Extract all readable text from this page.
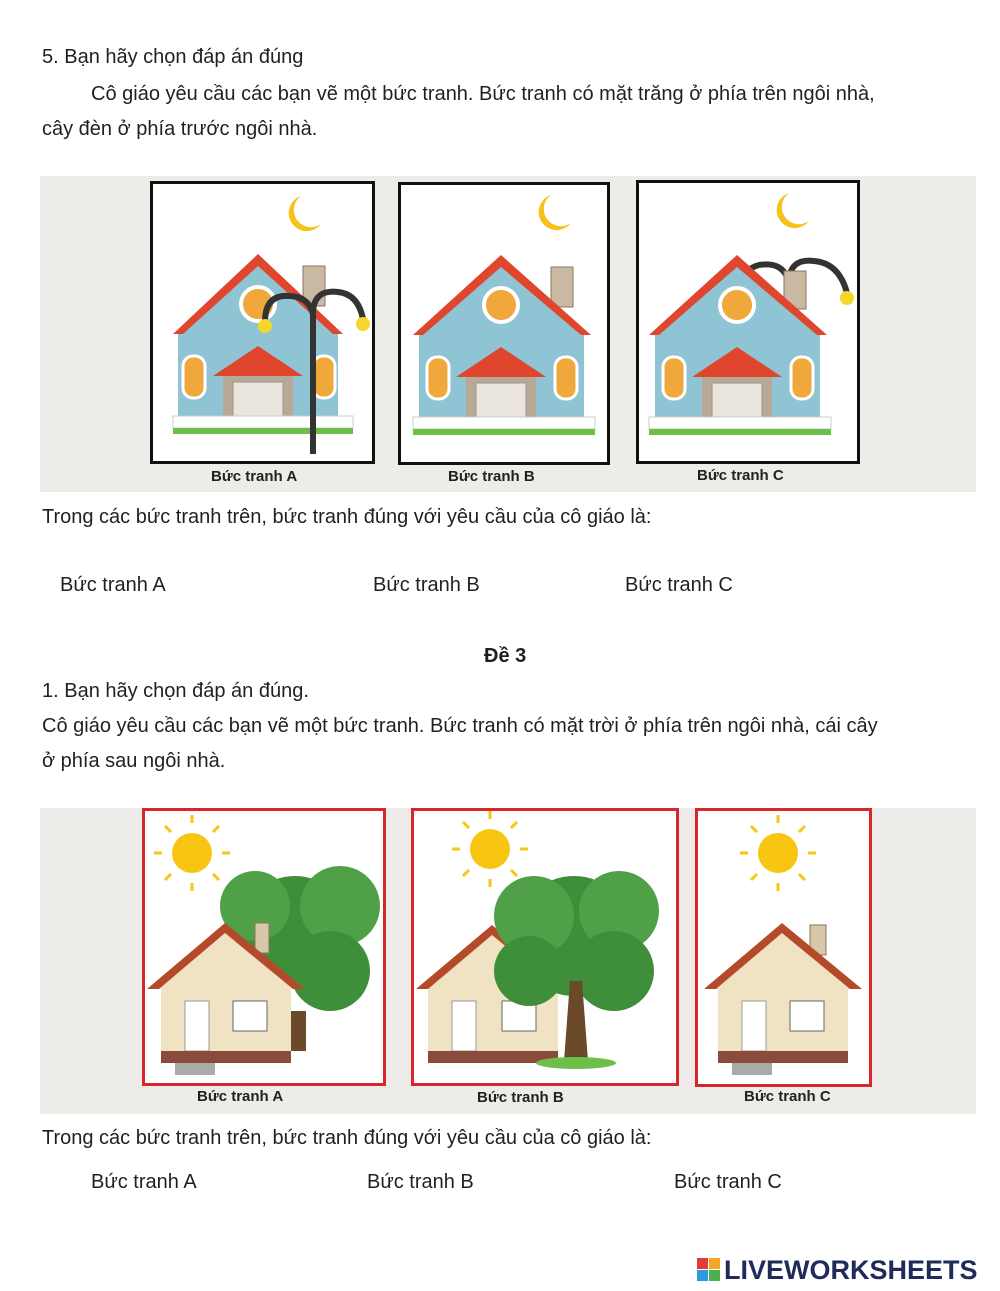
5. Bạn hãy chọn đáp án đúng
Cô giáo yêu cầu các bạn vẽ một bức tranh. Bức tranh có mặt trăng ở phía trên ngôi nhà,
cây đèn ở phía trước ngôi nhà.
Bức tranh A	Bức tranh B	Bức tranh C
Trong các bức tranh trên, bức tranh đúng với yêu cầu của cô giáo là:
Bức tranh A	Bức tranh B	Bức tranh C
Đề 3
1. Bạn hãy chọn đáp án đúng.
Cô giáo yêu cầu các bạn vẽ một bức tranh. Bức tranh có mặt trời ở phía trên ngôi nhà, cái cây
ở phía sau ngôi nhà.
Bức tranh A	Bức tranh B	Bức tranh C
Trong các bức tranh trên, bức tranh đúng với yêu cầu của cô giáo là:
Bức tranh A	Bức tranh B	Bức tranh C
LIVEWORKSHEETS
